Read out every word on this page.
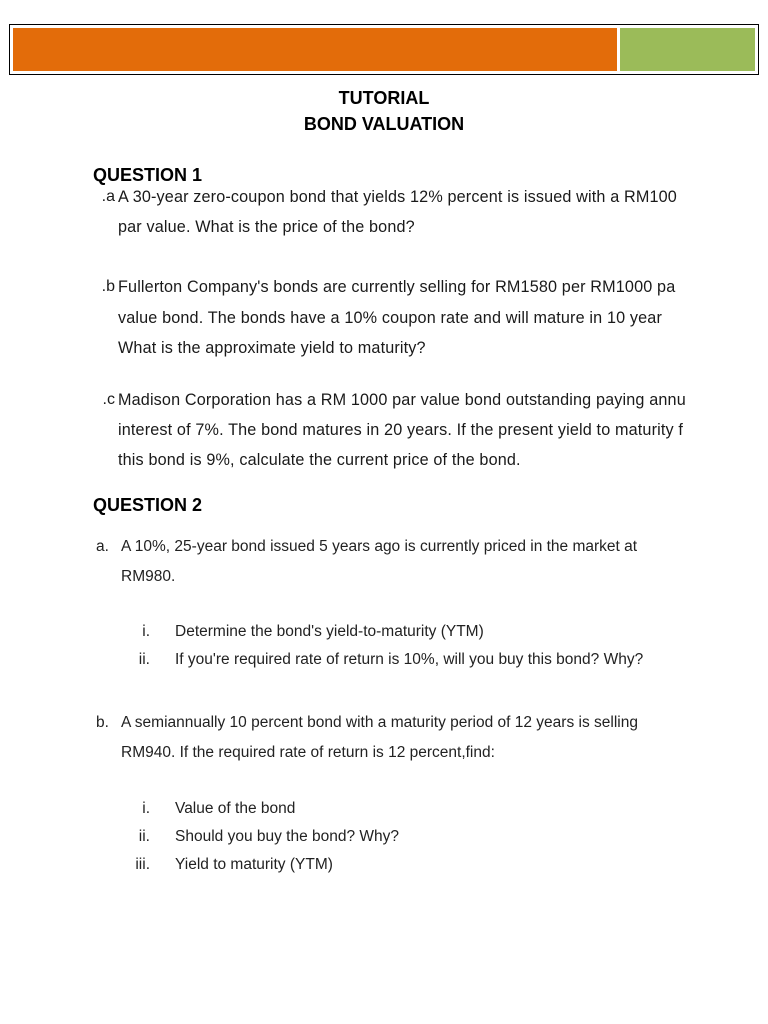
TUTORIAL
BOND VALUATION
QUESTION 1
a. A 30-year zero-coupon bond that yields 12% percent is issued with a RM100
par value. What is the price of the bond?
b. Fullerton Company's bonds are currently selling for RM1580 per RM1000 pa
value bond. The bonds have a 10% coupon rate and will mature in 10 year
What is the approximate yield to maturity?
c. Madison Corporation has a RM 1000 par value bond outstanding paying annu
interest of 7%. The bond matures in 20 years. If the present yield to maturity f
this bond is 9%, calculate the current price of the bond.
QUESTION 2
a. A 10%, 25-year bond issued 5 years ago is currently priced in the market at
RM980.
i. Determine the bond's yield-to-maturity (YTM)
ii. If you're required rate of return is 10%, will you buy this bond? Why?
b. A semiannually 10 percent bond with a maturity period of 12 years is selling
RM940. If the required rate of return is 12 percent,find:
i. Value of the bond
ii. Should you buy the bond? Why?
iii. Yield to maturity (YTM)
